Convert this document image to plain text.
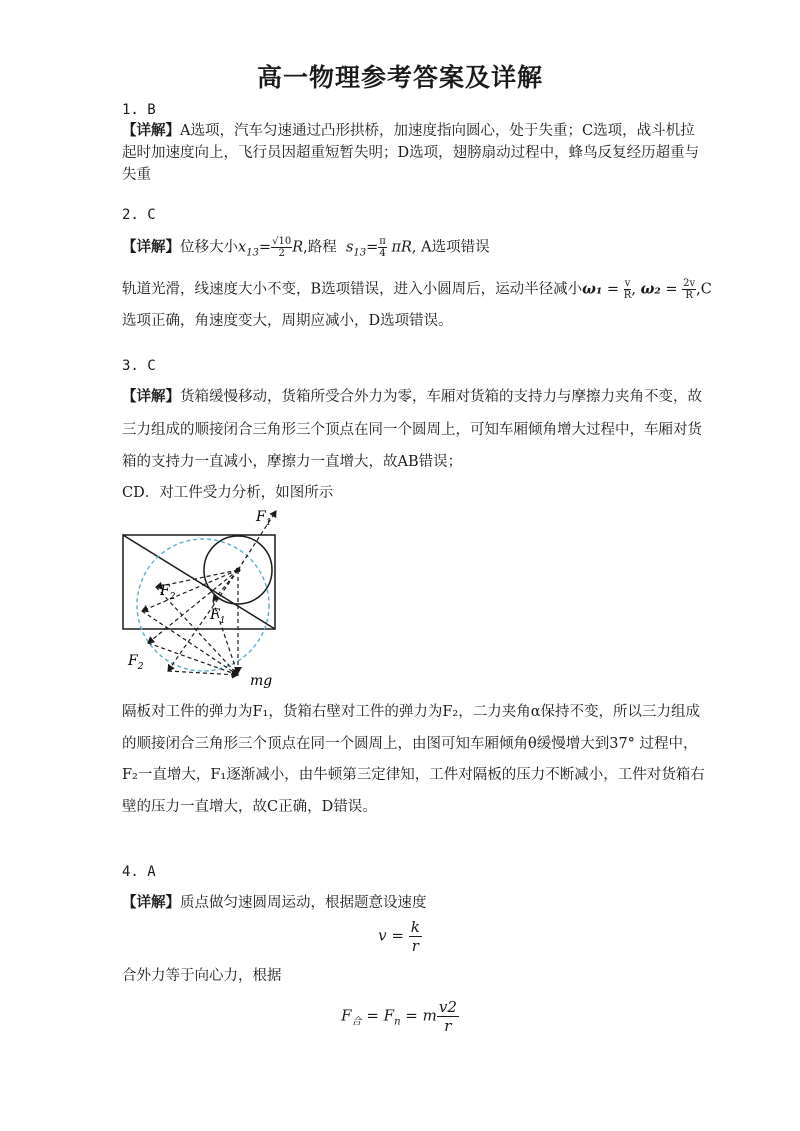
高一物理参考答案及详解
1. B
【详解】A选项，汽车匀速通过凸形拱桥，加速度指向圆心，处于失重；C选项，战斗机拉
起时加速度向上，飞行员因超重短暂失明；D选项，翅膀扇动过程中，蜂鸟反复经历超重与
失重
2. C
【详解】位移大小$x_{13}= \frac{√10}{2} R$,路程 $s_{13}= \frac{\pi}{4} \pi R$, A选项错误
轨道光滑，线速度大小不变，B选项错误，进入小圆周后，运动半径减小$\omega_1 = \frac{v}{R}$ , $\omega_2 = \frac{2v}{R} ,C$
选项正确，角速度变大，周期应减小，D选项错误。
3. C
【详解】货箱缓慢移动，货箱所受合外力为零，车厢对货箱的支持力与摩擦力夹角不变，故
三力组成的顺接闭合三角形三个顶点在同一个圆周上，可知车厢倾角增大过程中，车厢对货
箱的支持力一直减小，摩擦力一直增大，故AB错误；
CD．对工件受力分析，如图所示
$F_1$
$F_2$
$F_1$
$F_2$
mg
隔板对工件的弹力为F₁，货箱右壁对工件的弹力为F₂，二力夹角α保持不变，所以三力组成
的顺接闭合三角形三个顶点在同一个圆周上，由图可知车厢倾角θ缓慢增大到37° 过程中，
F₂一直增大，F₁逐渐减小，由牛顿第三定律知，工件对隔板的压力不断减小，工件对货箱右
壁的压力一直增大，故C正确，D错误。
4. A
【详解】质点做匀速圆周运动，根据题意设速度
$v = \frac{k}{r}$
合外力等于向心力，根据
$F_合 = F_n = m \frac{v2}{r}$
